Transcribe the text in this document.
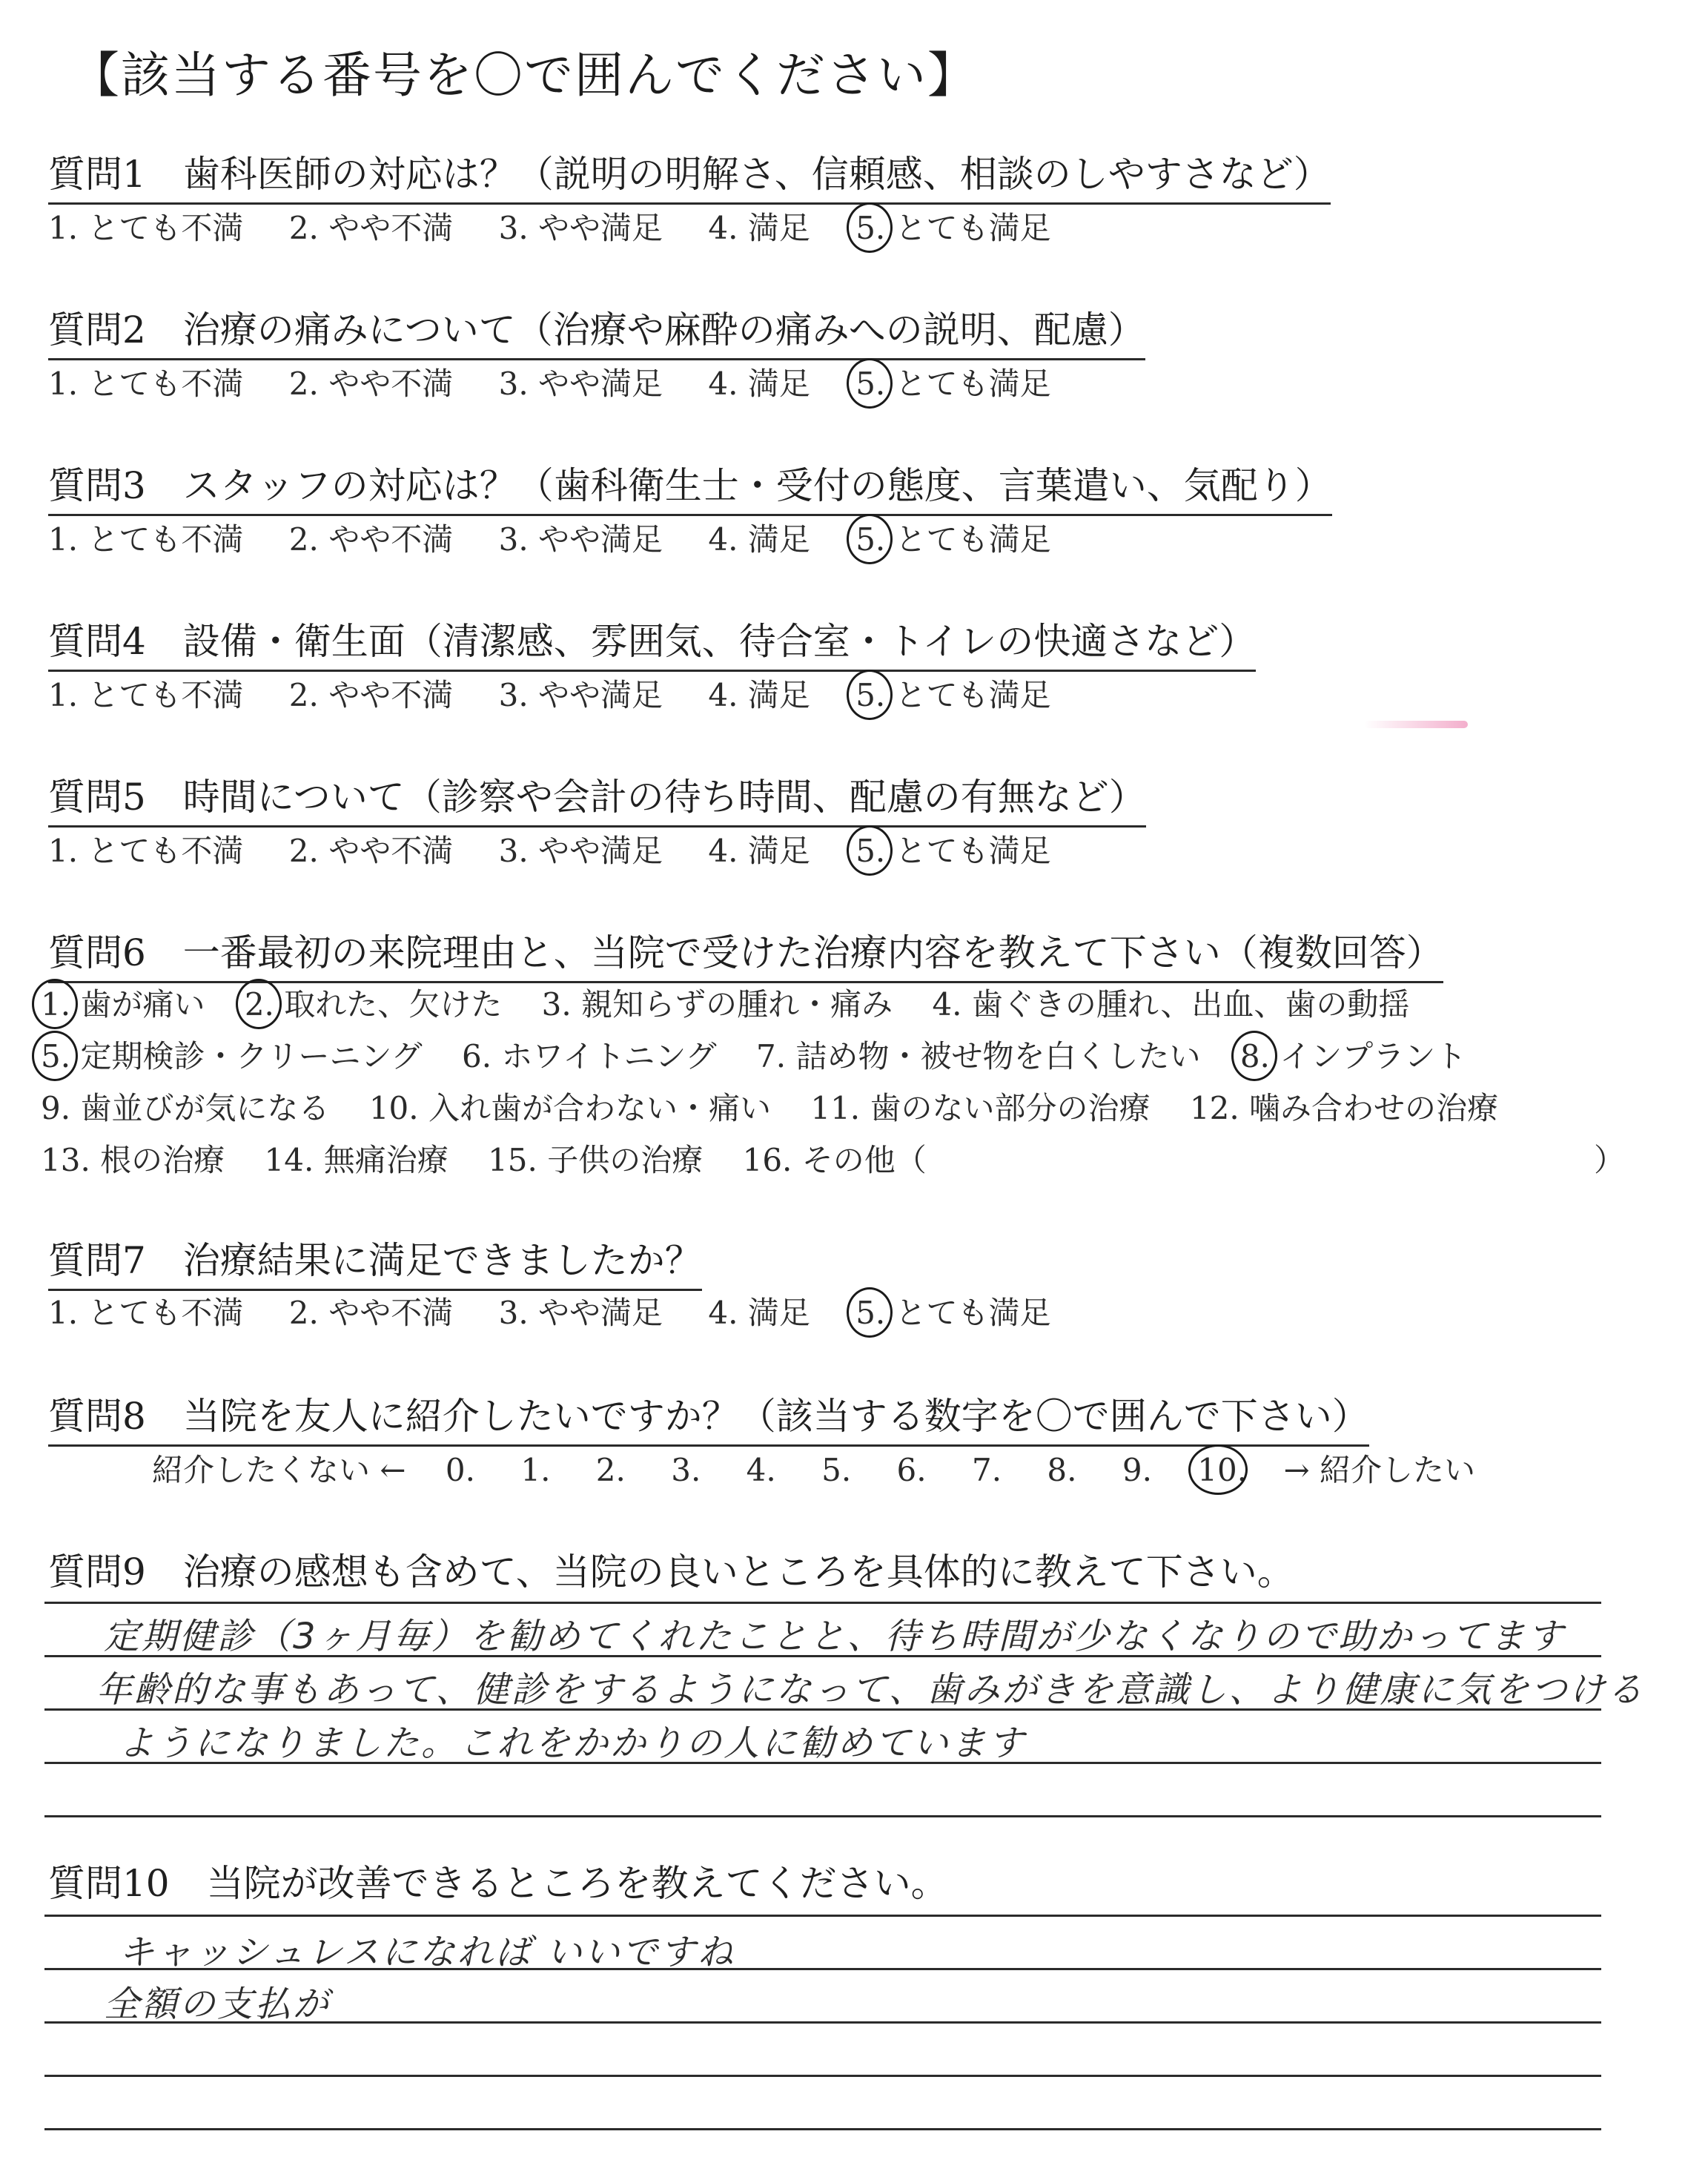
【該当する番号を〇で囲んでください】
質問1　歯科医師の対応は？（説明の明解さ、信頼感、相談のしやすさなど）
1. とても不満 2. やや不満 3. やや満足 4. 満足 5. とても満足
質問2　治療の痛みについて（治療や麻酔の痛みへの説明、配慮）
1. とても不満 2. やや不満 3. やや満足 4. 満足 5. とても満足
質問3　スタッフの対応は？（歯科衛生士・受付の態度、言葉遣い、気配り）
1. とても不満 2. やや不満 3. やや満足 4. 満足 5. とても満足
質問4　設備・衛生面（清潔感、雰囲気、待合室・トイレの快適さなど）
1. とても不満 2. やや不満 3. やや満足 4. 満足 5. とても満足
質問5　時間について（診察や会計の待ち時間、配慮の有無など）
1. とても不満 2. やや不満 3. やや満足 4. 満足 5. とても満足
質問6　一番最初の来院理由と、当院で受けた治療内容を教えて下さい（複数回答）
1. 歯が痛い 2. 取れた、欠けた 3. 親知らずの腫れ・痛み 4. 歯ぐきの腫れ、出血、歯の動揺
5. 定期検診・クリーニング 6. ホワイトニング 7. 詰め物・被せ物を白くしたい 8. インプラント
9. 歯並びが気になる 10. 入れ歯が合わない・痛い 11. 歯のない部分の治療 12. 噛み合わせの治療
13. 根の治療 14. 無痛治療 15. 子供の治療 16. その他（	）
質問7　治療結果に満足できましたか？
1. とても不満 2. やや不満 3. やや満足 4. 満足 5. とても満足
質問8　当院を友人に紹介したいですか？（該当する数字を〇で囲んで下さい）
紹介したくない ← 0. 1. 2. 3. 4. 5. 6. 7. 8. 9. 10. → 紹介したい
質問9　治療の感想も含めて、当院の良いところを具体的に教えて下さい。
定期健診（3ヶ月毎）を勧めてくれたことと、待ち時間が少なくなりので助かってます
年齢的な事もあって、健診をするようになって、歯みがきを意識し、より健康に気をつける
ようになりました。これをかかりの人に勧めています
質問10　当院が改善できるところを教えてください。
キャッシュレスになれば いいですね
全額の支払が
